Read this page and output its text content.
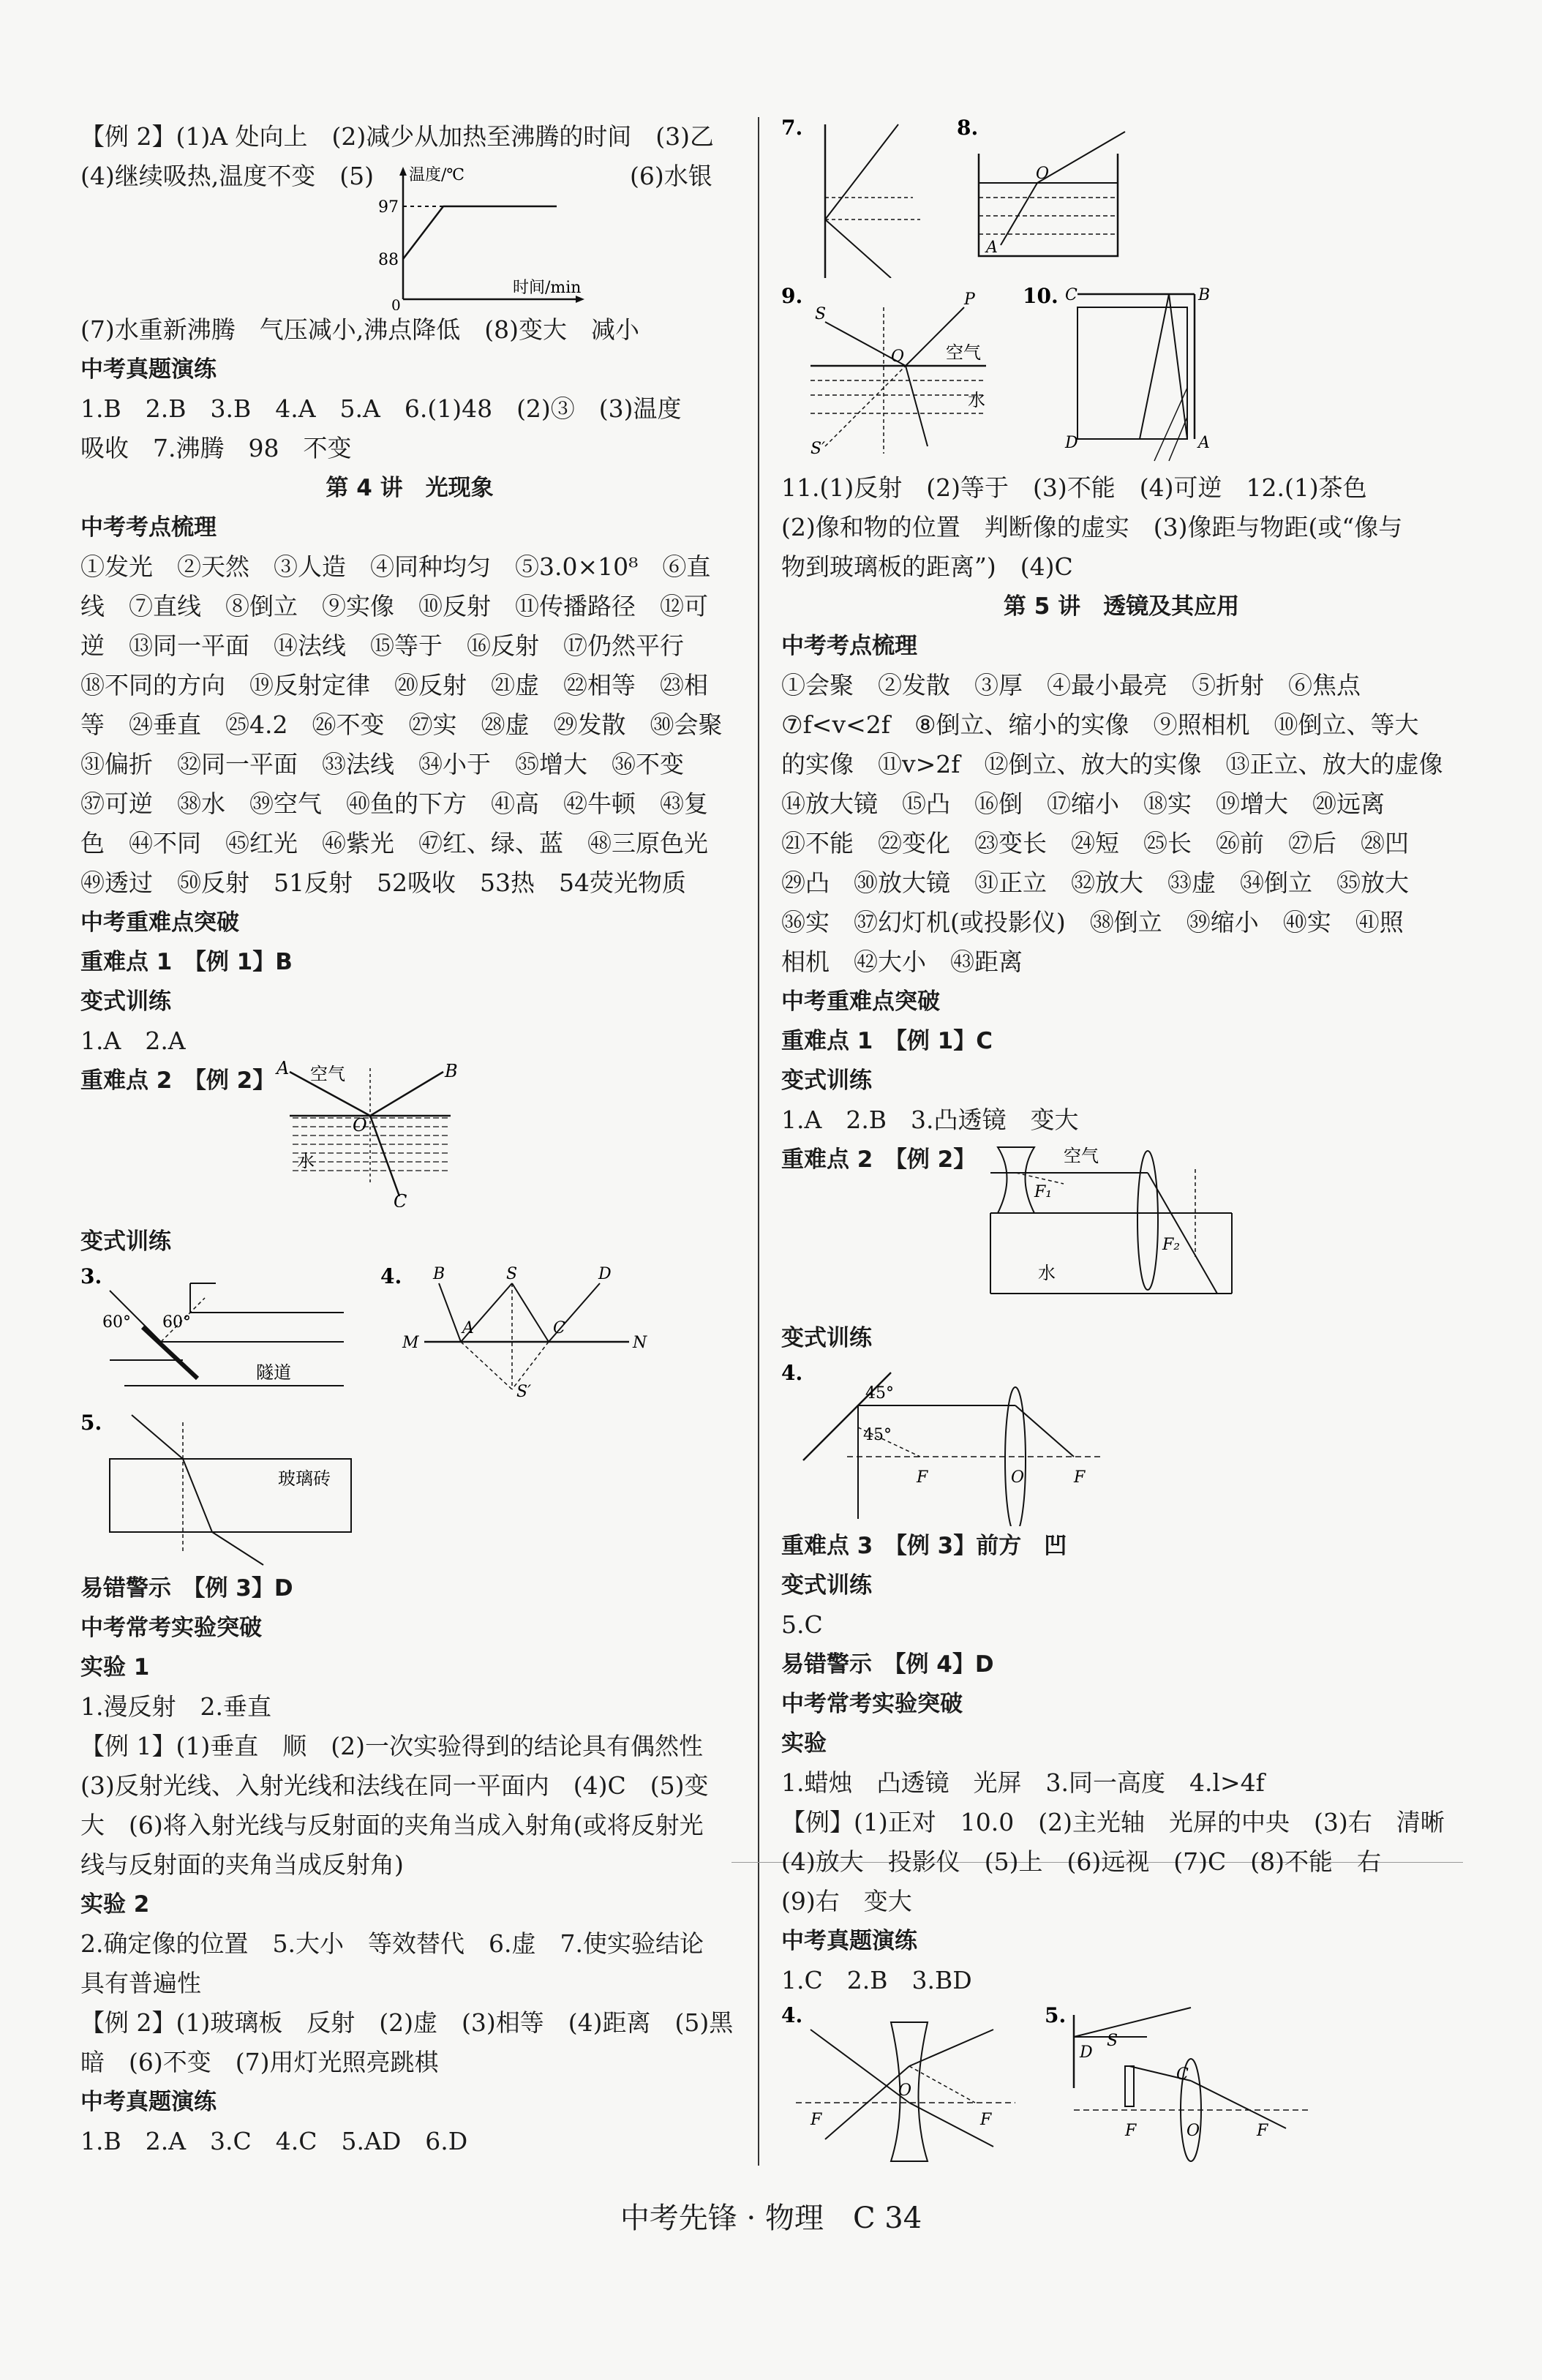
【例 2】(1)A 处向上　(2)减少从加热至沸腾的时间　(3)乙
(4)继续吸热,温度不变　(5) 温度/℃
时间/min
97
88
0
(6)水银
(7)水重新沸腾　气压减小,沸点降低　(8)变大　减小
中考真题演练
1.B　2.B　3.B　4.A　5.A　6.(1)48　(2)③　(3)温度
吸收　7.沸腾　98　不变
第 4 讲　光现象
中考考点梳理
①发光　②天然　③人造　④同种均匀　⑤3.0×10⁸　⑥直
线　⑦直线　⑧倒立　⑨实像　⑩反射　⑪传播路径　⑫可
逆　⑬同一平面　⑭法线　⑮等于　⑯反射　⑰仍然平行
⑱不同的方向　⑲反射定律　⑳反射　㉑虚　㉒相等　㉓相
等　㉔垂直　㉕4.2　㉖不变　㉗实　㉘虚　㉙发散　㉚会聚
㉛偏折　㉜同一平面　㉝法线　㉞小于　㉟增大　㊱不变
㊲可逆　㊳水　㊴空气　㊵鱼的下方　㊶高　㊷牛顿　㊸复
色　㊹不同　㊺红光　㊻紫光　㊼红、绿、蓝　㊽三原色光
㊾透过　㊿反射　51反射　52吸收　53热　54荧光物质
中考重难点突破
重难点 1　【例 1】B
变式训练
1.A　2.A
重难点 2　【例 2】 A 空气	B
O
水
C
变式训练
3.
60° 60°
隧道
4. B	S	D
A	C
M	N
S′
5.
玻璃砖
易错警示　【例 3】D
中考常考实验突破
实验 1
1.漫反射　2.垂直
【例 1】(1)垂直　顺　(2)一次实验得到的结论具有偶然性
(3)反射光线、入射光线和法线在同一平面内　(4)C　(5)变
大　(6)将入射光线与反射面的夹角当成入射角(或将反射光
线与反射面的夹角当成反射角)
实验 2
2.确定像的位置　5.大小　等效替代　6.虚　7.使实验结论
具有普遍性
【例 2】(1)玻璃板　反射　(2)虚　(3)相等　(4)距离　(5)黑
暗　(6)不变　(7)用灯光照亮跳棋
中考真题演练
1.B　2.A　3.C　4.C　5.AD　6.D
7.	8.
O
A
9.
S
P
O 空气
水
S′
10. C	B
D	A
11.(1)反射　(2)等于　(3)不能　(4)可逆　12.(1)茶色
(2)像和物的位置　判断像的虚实　(3)像距与物距(或“像与
物到玻璃板的距离”)　(4)C
第 5 讲　透镜及其应用
中考考点梳理
①会聚　②发散　③厚　④最小最亮　⑤折射　⑥焦点
⑦f<v<2f　⑧倒立、缩小的实像　⑨照相机　⑩倒立、等大
的实像　⑪v>2f　⑫倒立、放大的实像　⑬正立、放大的虚像
⑭放大镜　⑮凸　⑯倒　⑰缩小　⑱实　⑲增大　⑳远离
㉑不能　㉒变化　㉓变长　㉔短　㉕长　㉖前　㉗后　㉘凹
㉙凸　㉚放大镜　㉛正立　㉜放大　㉝虚　㉞倒立　㉟放大
㊱实　㊲幻灯机(或投影仪)　㊳倒立　㊴缩小　㊵实　㊶照
相机　㊷大小　㊸距离
中考重难点突破
重难点 1　【例 1】C
变式训练
1.A　2.B　3.凸透镜　变大
重难点 2　【例 2】	空气
F₁
F₂
水
变式训练
4.
45°
45°
F	O	F
重难点 3　【例 3】前方　凹
变式训练
5.C
易错警示　【例 4】D
中考常考实验突破
实验
1.蜡烛　凸透镜　光屏　3.同一高度　4.l>4f
【例】(1)正对　10.0　(2)主光轴　光屏的中央　(3)右　清晰
(4)放大　投影仪　(5)上　(6)远视　(7)C　(8)不能　右
(9)右　变大
中考真题演练
1.C　2.B　3.BD
4.
O
F	F
5.
S
D
C
F	O	F
中考先锋 · 物理　C 34
